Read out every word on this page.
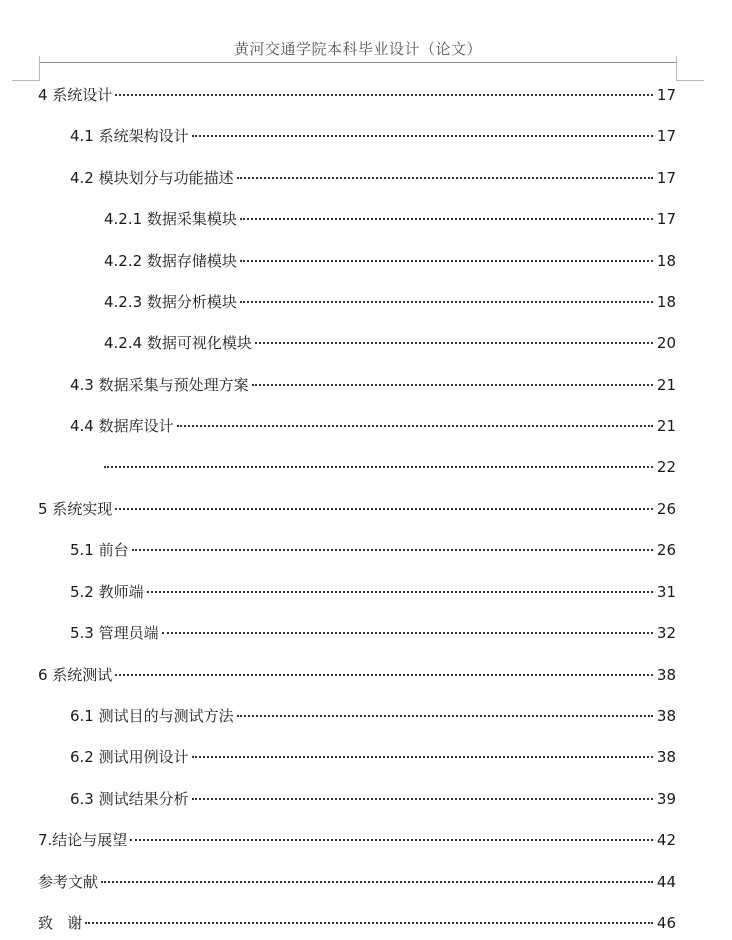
黄河交通学院本科毕业设计（论文）
4 系统设计	17
4.1 系统架构设计	17
4.2 模块划分与功能描述	17
4.2.1 数据采集模块	17
4.2.2 数据存储模块	18
4.2.3 数据分析模块	18
4.2.4 数据可视化模块	20
4.3 数据采集与预处理方案	21
4.4 数据库设计	21
22
5 系统实现	26
5.1 前台	26
5.2 教师端	31
5.3 管理员端	32
6 系统测试	38
6.1 测试目的与测试方法	38
6.2 测试用例设计	38
6.3 测试结果分析	39
7.结论与展望	42
参考文献	44
致   谢	46
